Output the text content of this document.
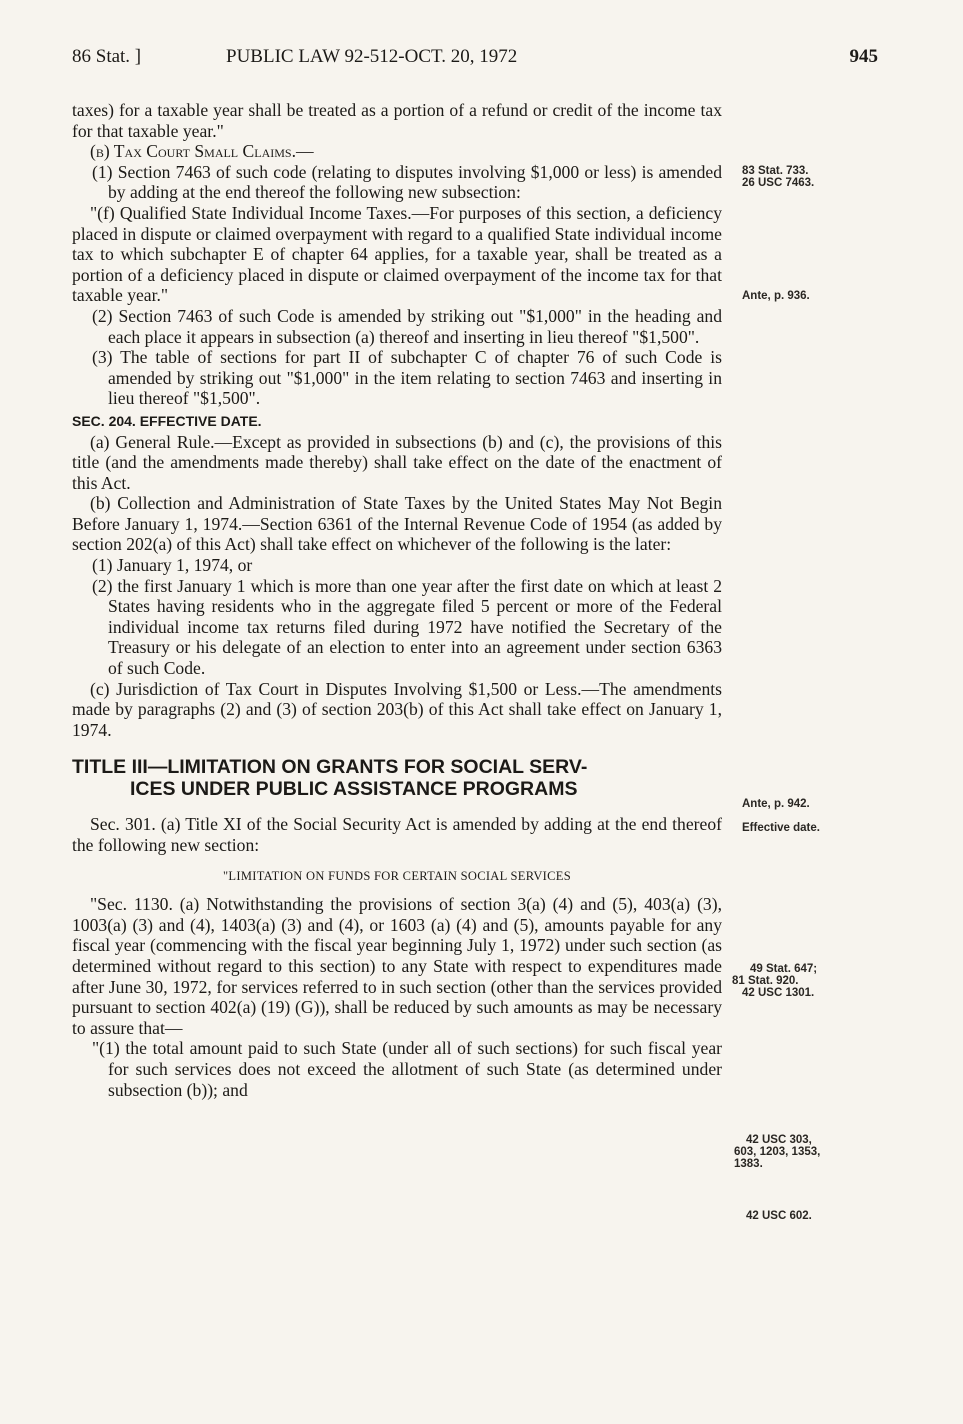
86 Stat. ]	PUBLIC LAW 92-512-OCT. 20, 1972	945

taxes) for a taxable year shall be treated as a portion of a refund or credit of the income tax for that taxable year."

(b) Tax Court Small Claims.—

(1) Section 7463 of such code (relating to disputes involving $1,000 or less) is amended by adding at the end thereof the following new subsection:

"(f) Qualified State Individual Income Taxes.—For purposes of this section, a deficiency placed in dispute or claimed overpayment with regard to a qualified State individual income tax to which subchapter E of chapter 64 applies, for a taxable year, shall be treated as a portion of a deficiency placed in dispute or claimed overpayment of the income tax for that taxable year."

(2) Section 7463 of such Code is amended by striking out "$1,000" in the heading and each place it appears in subsection (a) thereof and inserting in lieu thereof "$1,500".

(3) The table of sections for part II of subchapter C of chapter 76 of such Code is amended by striking out "$1,000" in the item relating to section 7463 and inserting in lieu thereof "$1,500".

SEC. 204. EFFECTIVE DATE.

(a) General Rule.—Except as provided in subsections (b) and (c), the provisions of this title (and the amendments made thereby) shall take effect on the date of the enactment of this Act.

(b) Collection and Administration of State Taxes by the United States May Not Begin Before January 1, 1974.—Section 6361 of the Internal Revenue Code of 1954 (as added by section 202(a) of this Act) shall take effect on whichever of the following is the later:

(1) January 1, 1974, or

(2) the first January 1 which is more than one year after the first date on which at least 2 States having residents who in the aggregate filed 5 percent or more of the Federal individual income tax returns filed during 1972 have notified the Secretary of the Treasury or his delegate of an election to enter into an agreement under section 6363 of such Code.

(c) Jurisdiction of Tax Court in Disputes Involving $1,500 or Less.—The amendments made by paragraphs (2) and (3) of section 203(b) of this Act shall take effect on January 1, 1974.

TITLE III—LIMITATION ON GRANTS FOR SOCIAL SERV-
ICES UNDER PUBLIC ASSISTANCE PROGRAMS

Sec. 301. (a) Title XI of the Social Security Act is amended by adding at the end thereof the following new section:

"LIMITATION ON FUNDS FOR CERTAIN SOCIAL SERVICES

"Sec. 1130. (a) Notwithstanding the provisions of section 3(a) (4) and (5), 403(a) (3), 1003(a) (3) and (4), 1403(a) (3) and (4), or 1603 (a) (4) and (5), amounts payable for any fiscal year (commencing with the fiscal year beginning July 1, 1972) under such section (as determined without regard to this section) to any State with respect to expenditures made after June 30, 1972, for services referred to in such section (other than the services provided pursuant to section 402(a) (19) (G)), shall be reduced by such amounts as may be necessary to assure that—

"(1) the total amount paid to such State (under all of such sections) for such fiscal year for such services does not exceed the allotment of such State (as determined under subsection (b)); and

83 Stat. 733.
26 USC 7463.
Ante, p. 936.
Ante, p. 942.
Effective date.
49 Stat. 647;
81 Stat. 920.
42 USC 1301.
42 USC 303,
603, 1203, 1353,
1383.
42 USC 602.
